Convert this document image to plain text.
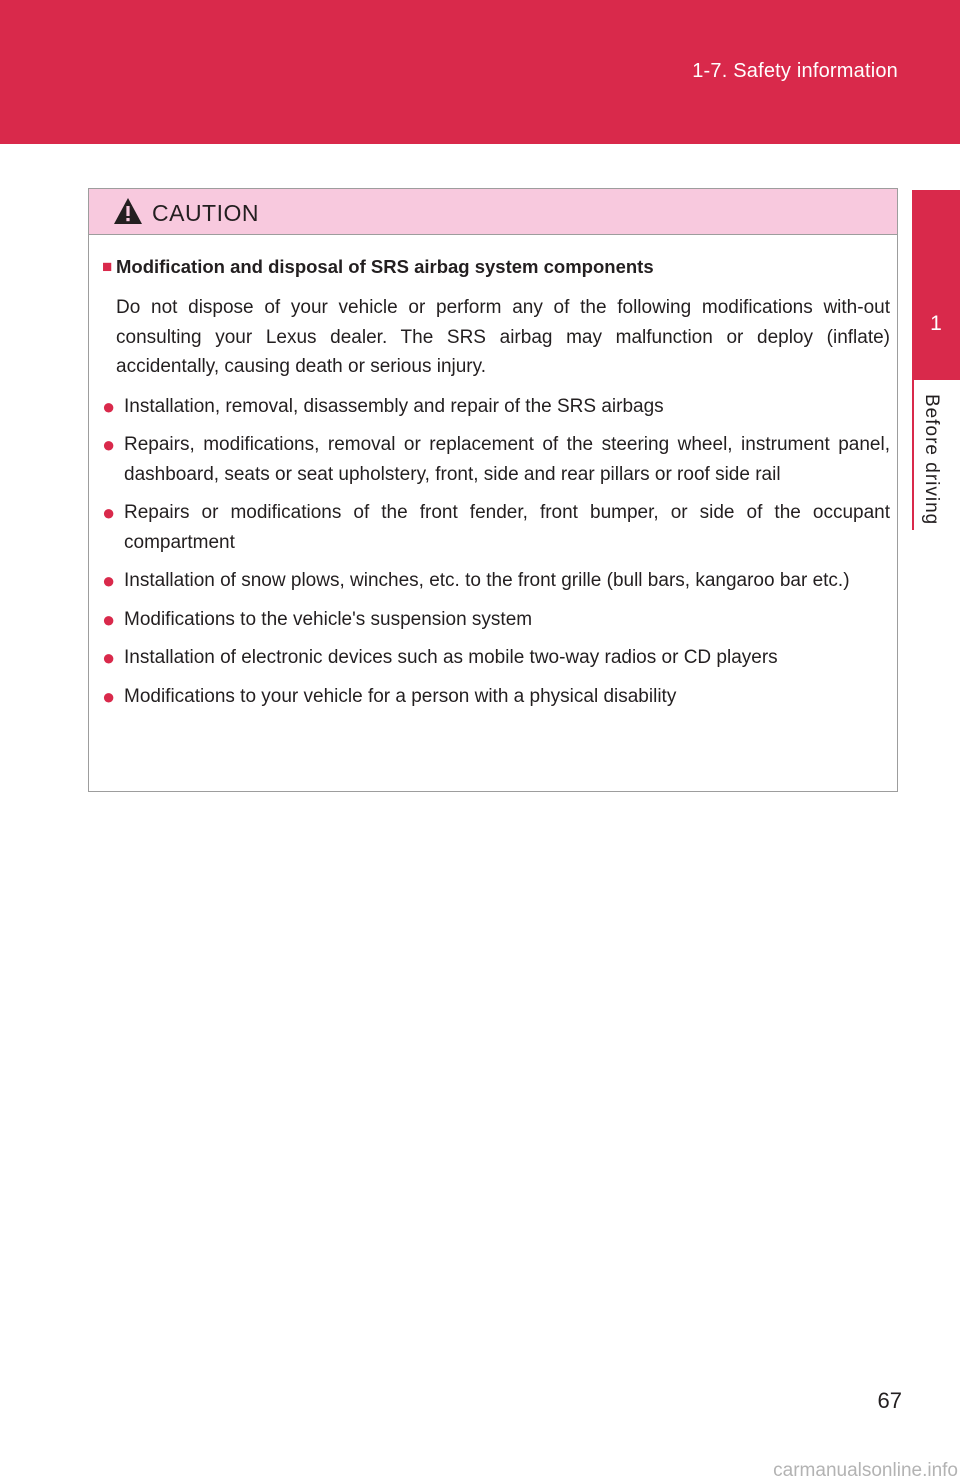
1-7. Safety information
1
Before driving
CAUTION
■ Modification and disposal of SRS airbag system components

Do not dispose of your vehicle or perform any of the following modifications with-out consulting your Lexus dealer. The SRS airbag may malfunction or deploy (inflate) accidentally, causing death or serious injury.

● Installation, removal, disassembly and repair of the SRS airbags
● Repairs, modifications, removal or replacement of the steering wheel, instrument panel, dashboard, seats or seat upholstery, front, side and rear pillars or roof side rail
● Repairs or modifications of the front fender, front bumper, or side of the occupant compartment
● Installation of snow plows, winches, etc. to the front grille (bull bars, kangaroo bar etc.)
● Modifications to the vehicle's suspension system
● Installation of electronic devices such as mobile two-way radios or CD players
● Modifications to your vehicle for a person with a physical disability
67
carmanualsonline.info
